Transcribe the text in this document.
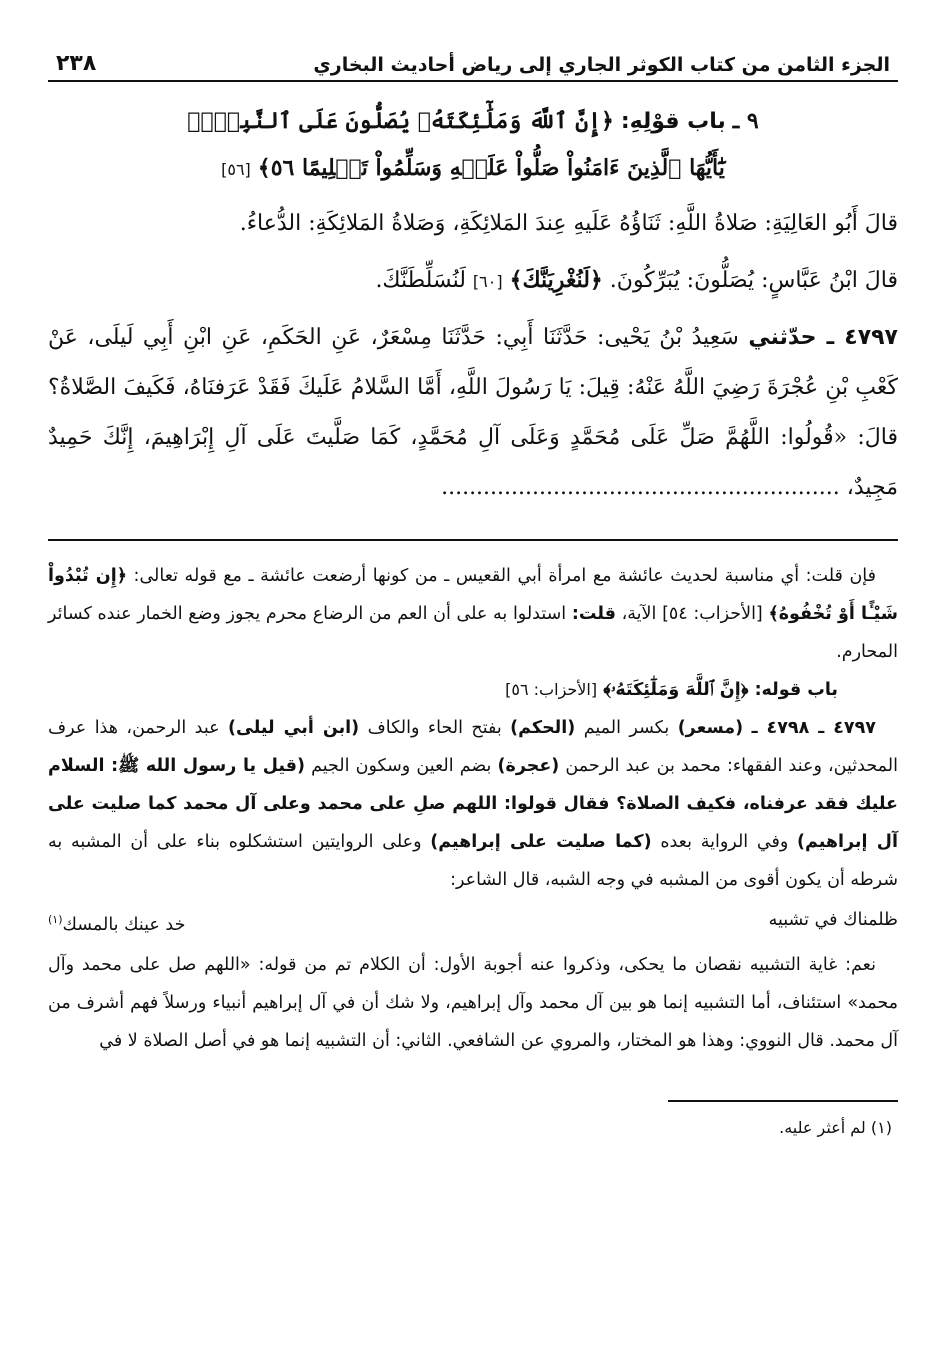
الجزء الثامن من كتاب الكوثر الجاري إلى رياض أحاديث البخاري
٢٣٨
٩ ـ باب قوْلِهِ: ﴿إِنَّ ٱللَّهَ وَمَلَٰٓئِكَتَهُۥ يُصَلُّونَ عَلَى ٱلنَّبِيِّۚ
يَٰٓأَيُّهَا ٱلَّذِينَ ءَامَنُواْ صَلُّواْ عَلَيۡهِ وَسَلِّمُواْ تَسۡلِيمًا ٥٦﴾ [٥٦]

قالَ أَبُو العَالِيَةِ: صَلاةُ اللَّهِ: ثَنَاؤُهُ عَلَيهِ عِندَ المَلائِكَةِ، وَصَلاةُ المَلائِكَةِ: الدُّعاءُ.

قالَ ابْنُ عَبَّاسٍ: يُصَلُّونَ: يُبَرِّكُونَ. ﴿لَنُغْرِيَنَّكَ﴾ [٦٠] لَنُسَلِّطَنَّكَ.

٤٧٩٧ ـ حدّثني سَعِيدُ بْنُ يَحْيى: حَدَّثَنَا أَبِي: حَدَّثَنَا مِسْعَرٌ، عَنِ الحَكَمِ، عَنِ ابْنِ أَبِي لَيلَى، عَنْ كَعْبِ بْنِ عُجْرَةَ رَضِيَ اللَّهُ عَنْهُ: قِيلَ: يَا رَسُولَ اللَّهِ، أَمَّا السَّلامُ عَلَيكَ فَقَدْ عَرَفنَاهُ، فَكَيفَ الصَّلاةُ؟ قالَ: «قُولُوا: اللَّهُمَّ صَلِّ عَلَى مُحَمَّدٍ وَعَلَى آلِ مُحَمَّدٍ، كَمَا صَلَّيتَ عَلَى آلِ إِبْرَاهِيمَ، إِنَّكَ حَمِيدٌ مَجِيدٌ، .........................................................

فإن قلت: أي مناسبة لحديث عائشة مع امرأة أبي القعيس ـ من كونها أرضعت عائشة ـ مع قوله تعالى: ﴿إِن تُبْدُواْ شَيْـًٔا أَوْ تُخْفُوهُ﴾ [الأحزاب: ٥٤] الآية، قلت: استدلوا به على أن العم من الرضاع محرم يجوز وضع الخمار عنده كسائر المحارم.

باب قوله: ﴿إِنَّ ٱللَّهَ وَمَلَٰٓئِكَتَهُۥ﴾ [الأحزاب: ٥٦]

٤٧٩٧ ـ ٤٧٩٨ ـ (مسعر) بكسر الميم (الحكم) بفتح الحاء والكاف (ابن أبي ليلى) عبد الرحمن، هذا عرف المحدثين، وعند الفقهاء: محمد بن عبد الرحمن (عجرة) بضم العين وسكون الجيم (قيل يا رسول الله ﷺ: السلام عليك فقد عرفناه، فكيف الصلاة؟ فقال قولوا: اللهم صلِ على محمد وعلى آل محمد كما صليت على آل إبراهيم) وفي الرواية بعده (كما صليت على إبراهيم) وعلى الروايتين استشكلوه بناء على أن المشبه به شرطه أن يكون أقوى من المشبه في وجه الشبه، قال الشاعر:

ظلمناك في تشبيه
خد عينك بالمسك$^{(١)}$

نعم: غاية التشبيه نقصان ما يحكى، وذكروا عنه أجوبة الأول: أن الكلام تم من قوله: «اللهم صل على محمد وآل محمد» استئناف، أما التشبيه إنما هو بين آل محمد وآل إبراهيم، ولا شك أن في آل إبراهيم أنبياء ورسلاً فهم أشرف من آل محمد. قال النووي: وهذا هو المختار، والمروي عن الشافعي. الثاني: أن التشبيه إنما هو في أصل الصلاة لا في

(١) لم أعثر عليه.
